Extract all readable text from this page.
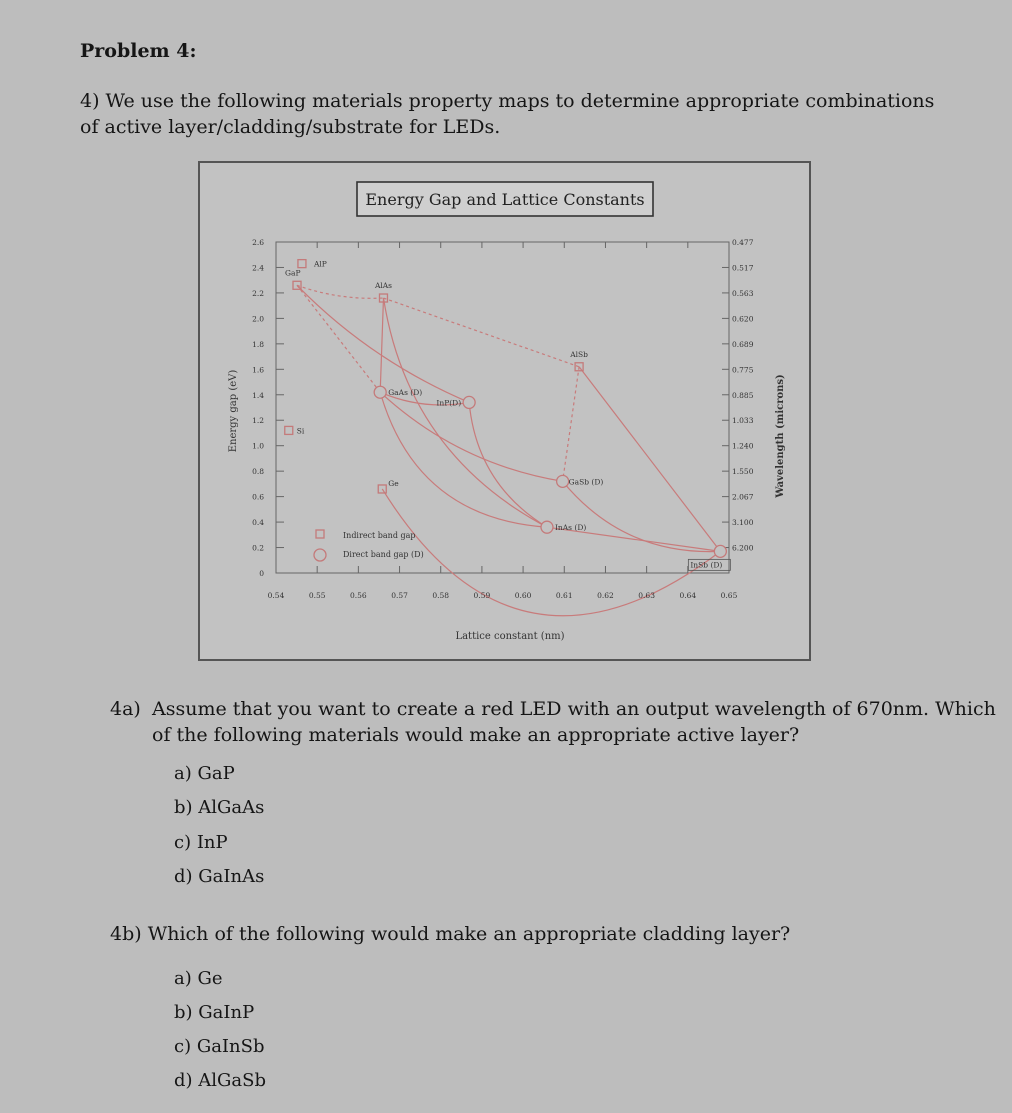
Problem 4:
4) We use the following materials property maps to determine appropriate combinations of active layer/cladding/substrate for LEDs.
Energy Gap and Lattice Constants
0
0.2
0.4
0.6
0.8
1.0
1.2
1.4
1.6
1.8
2.0
2.2
2.4
2.6
0.54	0.55	0.56	0.57	0.58	0.59	0.60	0.61	0.62	0.63	0.64	0.65
0.477
0.517
0.563
0.620
0.689
0.775
0.885
1.033
1.240
1.550
2.067
3.100
6.200
AlP
GaP
Si
AlAs
GaAs (D)
InP(D)
Ge
AlSb
GaSb (D)
InAs (D)
InSb (D)
Lattice constant (nm)
Energy gap (eV)	Wavelength (microns)
Indirect band gap
Direct band gap (D)
4a) Assume that you want to create a red LED with an output wavelength of 670nm. Which of the following materials would make an appropriate active layer?
a) GaP
b) AlGaAs
c) InP
d) GaInAs
4b) Which of the following would make an appropriate cladding layer?
a) Ge
b) GaInP
c) GaInSb
d) AlGaSb
